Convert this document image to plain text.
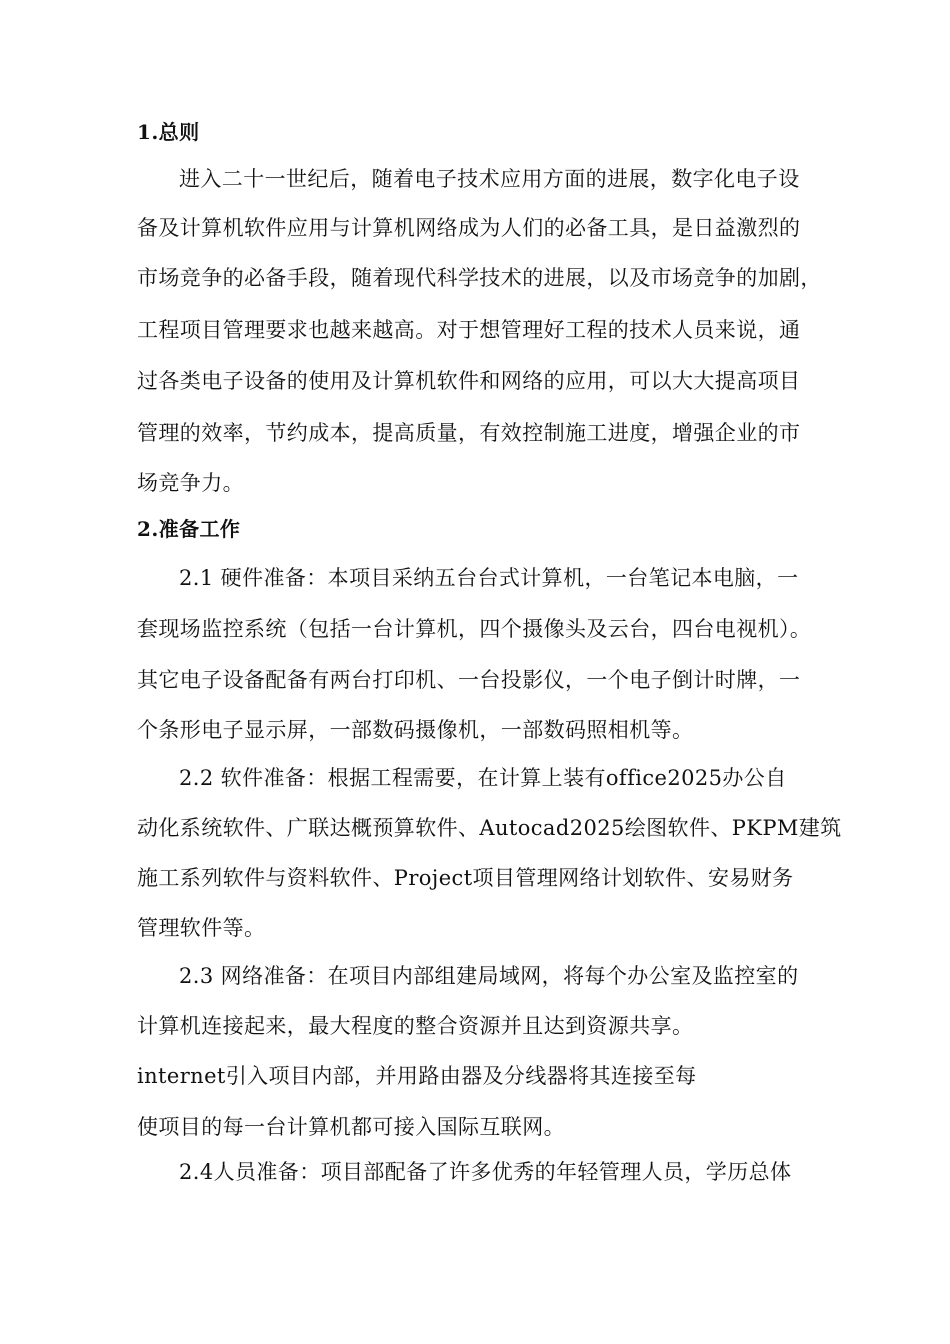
1.总则
进入二十一世纪后，随着电子技术应用方面的进展，数字化电子设
备及计算机软件应用与计算机网络成为人们的必备工具，是日益激烈的
市场竞争的必备手段，随着现代科学技术的进展，以及市场竞争的加剧，
工程项目管理要求也越来越高。对于想管理好工程的技术人员来说，通
过各类电子设备的使用及计算机软件和网络的应用，可以大大提高项目
管理的效率，节约成本，提高质量，有效控制施工进度，增强企业的市
场竞争力。
2.准备工作
2.1 硬件准备：本项目采纳五台台式计算机，一台笔记本电脑，一
套现场监控系统（包括一台计算机，四个摄像头及云台，四台电视机）。
其它电子设备配备有两台打印机、一台投影仪，一个电子倒计时牌，一
个条形电子显示屏，一部数码摄像机，一部数码照相机等。
2.2 软件准备：根据工程需要，在计算上装有office2025办公自
动化系统软件、广联达概预算软件、Autocad2025绘图软件、PKPM建筑
施工系列软件与资料软件、Project项目管理网络计划软件、安易财务
管理软件等。
2.3 网络准备：在项目内部组建局域网，将每个办公室及监控室的
计算机连接起来，最大程度的整合资源并且达到资源共享。
internet引入项目内部，并用路由器及分线器将其连接至每
使项目的每一台计算机都可接入国际互联网。
2.4人员准备：项目部配备了许多优秀的年轻管理人员，学历总体
